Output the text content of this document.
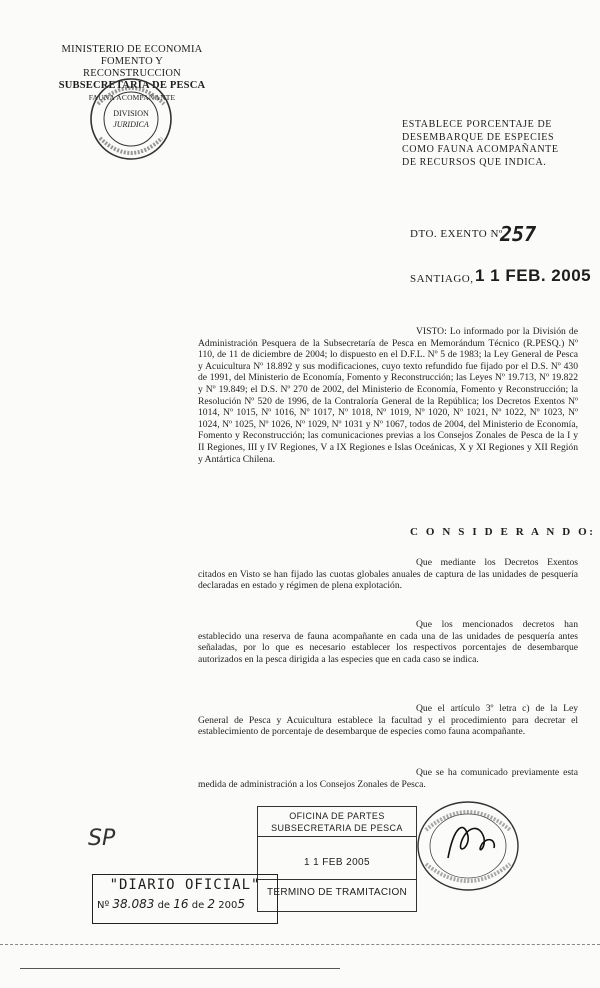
MINISTERIO DE ECONOMIA
FOMENTO Y RECONSTRUCCION
SUBSECRETARIA DE PESCA
FAUNA ACOMPAÑANTE
DIVISION
JURIDICA	ESTABLECE PORCENTAJE DE DESEMBARQUE DE ESPECIES COMO FAUNA ACOMPAÑANTE DE RECURSOS QUE INDICA.
DTO. EXENTO Nº
257
SANTIAGO, 1 1 FEB. 2005
VISTO: Lo informado por la División de Administración Pesquera de la Subsecretaría de Pesca en Memorándum Técnico (R.PESQ.) Nº 110, de 11 de diciembre de 2004; lo dispuesto en el D.F.L. Nº 5 de 1983; la Ley General de Pesca y Acuicultura Nº 18.892 y sus modificaciones, cuyo texto refundido fue fijado por el D.S. Nº 430 de 1991, del Ministerio de Economía, Fomento y Reconstrucción; las Leyes Nº 19.713, Nº 19.822 y Nº 19.849; el D.S. Nº 270 de 2002, del Ministerio de Economía, Fomento y Reconstrucción; la Resolución Nº 520 de 1996, de la Contraloría General de la República; los Decretos Exentos Nº 1014, Nº 1015, Nº 1016, Nº 1017, Nº 1018, Nº 1019, Nº 1020, Nº 1021, Nº 1022, Nº 1023, Nº 1024, Nº 1025, Nº 1026, Nº 1029, Nº 1031 y Nº 1067, todos de 2004, del Ministerio de Economía, Fomento y Reconstrucción; las comunicaciones previas a los Consejos Zonales de Pesca de la I y II Regiones, III y IV Regiones, V a IX Regiones e Islas Oceánicas, X y XI Regiones y XII Región y Antártica Chilena.
C O N S I D E R A N D O:
Que mediante los Decretos Exentos citados en Visto se han fijado las cuotas globales anuales de captura de las unidades de pesquería declaradas en estado y régimen de plena explotación.
Que los mencionados decretos han establecido una reserva de fauna acompañante en cada una de las unidades de pesquería antes señaladas, por lo que es necesario establecer los respectivos porcentajes de desembarque autorizados en la pesca dirigida a las especies que en cada caso se indica.
Que el artículo 3º letra c) de la Ley General de Pesca y Acuicultura establece la facultad y el procedimiento para decretar el establecimiento de porcentaje de desembarque de especies como fauna acompañante.
Que se ha comunicado previamente esta medida de administración a los Consejos Zonales de Pesca.
SP
OFICINA DE PARTES
SUBSECRETARIA DE PESCA
1 1 FEB 2005
TERMINO DE TRAMITACION
"DIARIO OFICIAL"
Nº 38.083 de 16 de 2 2005
